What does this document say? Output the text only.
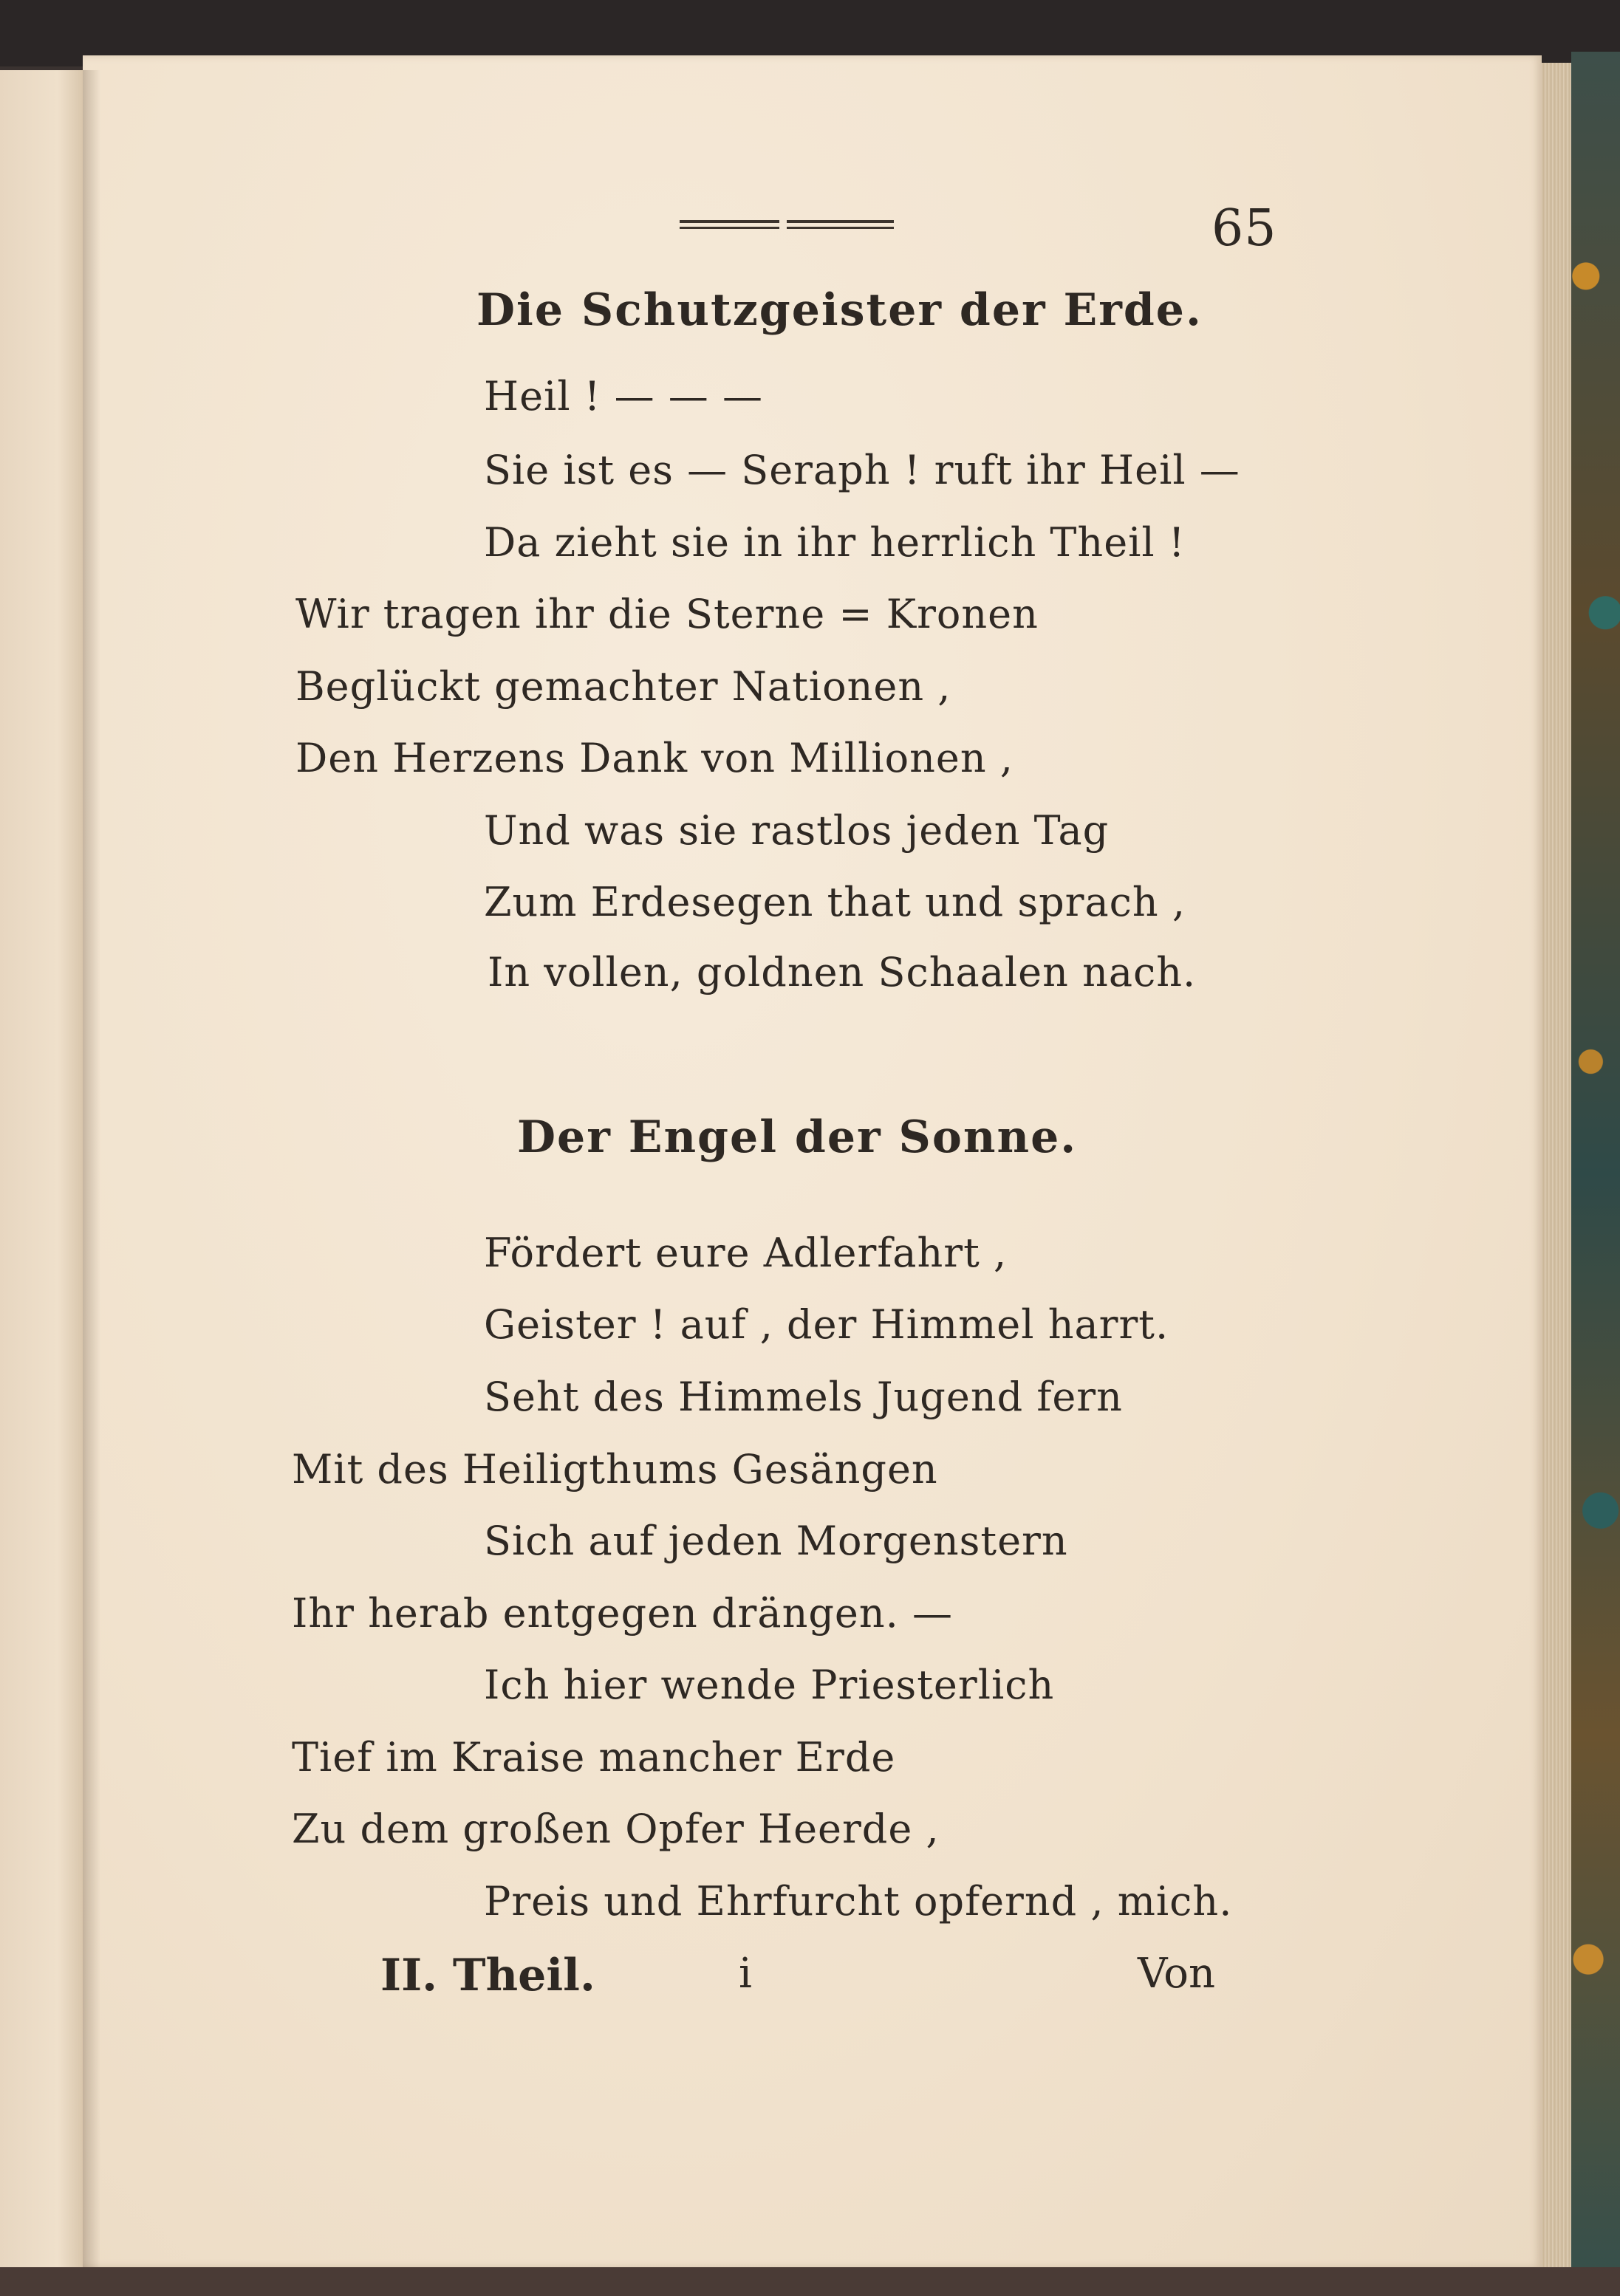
65
Die Schutzgeister der Erde.
Heil ! — — —
Sie ist es — Seraph ! ruft ihr Heil —
Da zieht sie in ihr herrlich Theil !
Wir tragen ihr die Sterne = Kronen
Beglückt gemachter Nationen ,
Den Herzens Dank von Millionen ,
Und was sie rastlos jeden Tag
Zum Erdesegen that und sprach ,
In vollen, goldnen Schaalen nach.
Der Engel der Sonne.
Fördert eure Adlerfahrt ,
Geister ! auf , der Himmel harrt.
Seht des Himmels Jugend fern
Mit des Heiligthums Gesängen
Sich auf jeden Morgenstern
Ihr herab entgegen drängen. —
Ich hier wende Priesterlich
Tief im Kraise mancher Erde
Zu dem großen Opfer Heerde ,
Preis und Ehrfurcht opfernd , mich.
II. Theil.	i	Von
